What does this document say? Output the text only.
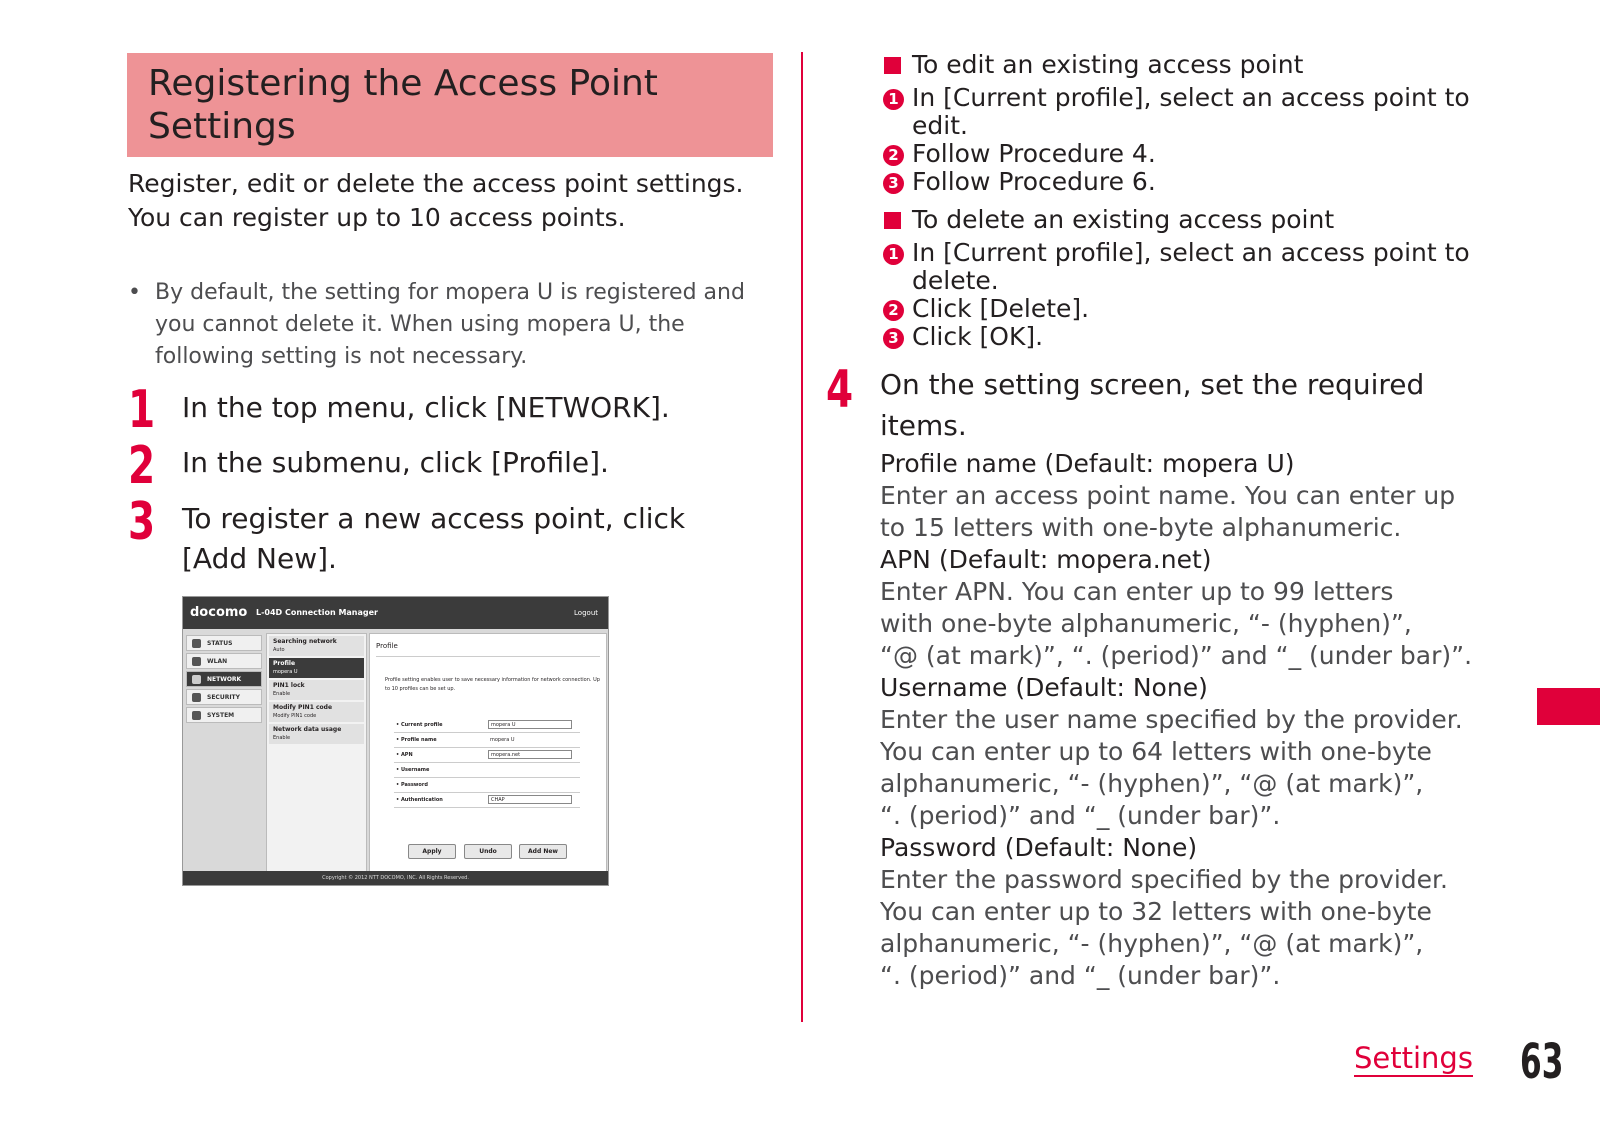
Registering the Access Point
Settings
Register, edit or delete the access point settings. You can register up to 10 access points.
• By default, the setting for mopera U is registered and you cannot delete it. When using mopera U, the following setting is not necessary.
1 In the top menu, click [NETWORK].
2 In the submenu, click [Profile].
3 To register a new access point, click [Add New].
docomo L-04D Connection Manager	Logout
STATUS
WLAN
NETWORK
SECURITY
SYSTEM
Searching network
Auto
Profile
mopera U
PIN1 lock
Enable
Modify PIN1 code
Modify PIN1 code
Network data usage
Enable
Profile
Profile setting enables user to save necessary information for network connection. Up to 10 profiles can be set up.
• Current profile	mopera U
• Profile name	mopera U
• APN	mopera.net
• Username
• Password
• Authentication	CHAP
Apply	Undo	Add New
Copyright © 2012 NTT DOCOMO, INC. All Rights Reserved.
To edit an existing access point
1 In [Current profile], select an access point to edit.
2 Follow Procedure 4.
3 Follow Procedure 6.
To delete an existing access point
1 In [Current profile], select an access point to delete.
2 Click [Delete].
3 Click [OK].
4 On the setting screen, set the required items.
Profile name (Default: mopera U)
Enter an access point name. You can enter up
to 15 letters with one-byte alphanumeric.
APN (Default: mopera.net)
Enter APN. You can enter up to 99 letters
with one-byte alphanumeric, “- (hyphen)”,
“@ (at mark)”, “. (period)” and “_ (under bar)”.
Username (Default: None)
Enter the user name specified by the provider.
You can enter up to 64 letters with one-byte
alphanumeric, “- (hyphen)”, “@ (at mark)”,
“. (period)” and “_ (under bar)”.
Password (Default: None)
Enter the password specified by the provider.
You can enter up to 32 letters with one-byte
alphanumeric, “- (hyphen)”, “@ (at mark)”,
“. (period)” and “_ (under bar)”.
Settings 63
